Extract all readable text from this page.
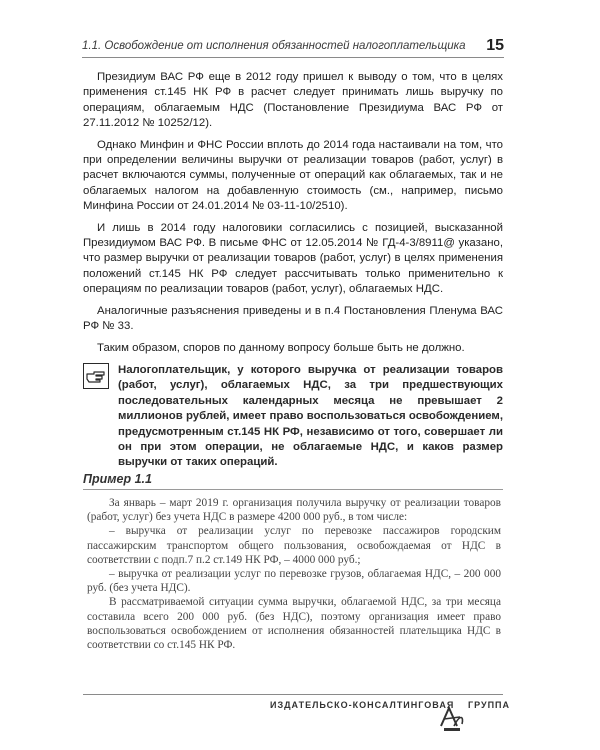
1.1. Освобождение от исполнения обязанностей налогоплательщика 15

Президиум ВАС РФ еще в 2012 году пришел к выводу о том, что в целях применения ст.145 НК РФ в расчет следует принимать лишь выручку по операциям, облагаемым НДС (Постановление Президиума ВАС РФ от 27.11.2012 № 10252/12).

Однако Минфин и ФНС России вплоть до 2014 года настаивали на том, что при определении величины выручки от реализации товаров (работ, услуг) в расчет включаются суммы, полученные от операций как облагаемых, так и не облагаемых налогом на добавленную стоимость (см., например, письмо Минфина России от 24.01.2014 № 03-11-10/2510).

И лишь в 2014 году налоговики согласились с позицией, высказанной Президиумом ВАС РФ. В письме ФНС от 12.05.2014 № ГД-4-3/8911@ указано, что размер выручки от реализации товаров (работ, услуг) в целях применения положений ст.145 НК РФ следует рассчитывать только применительно к операциям по реализации товаров (работ, услуг), облагаемых НДС.

Аналогичные разъяснения приведены и в п.4 Постановления Пленума ВАС РФ № 33.

Таким образом, споров по данному вопросу больше быть не должно.

Налогоплательщик, у которого выручка от реализации товаров (работ, услуг), облагаемых НДС, за три предшествующих последовательных календарных месяца не превышает 2 миллионов рублей, имеет право воспользоваться освобождением, предусмотренным ст.145 НК РФ, независимо от того, совершает ли он при этом операции, не облагаемые НДС, и каков размер выручки от таких операций.
Пример 1.1

За январь – март 2019 г. организация получила выручку от реализации товаров (работ, услуг) без учета НДС в размере 4200 000 руб., в том числе:

– выручка от реализации услуг по перевозке пассажиров городским пассажирским транспортом общего пользования, освобождаемая от НДС в соответствии с подп.7 п.2 ст.149 НК РФ, – 4000 000 руб.;

– выручка от реализации услуг по перевозке грузов, облагаемая НДС, – 200 000 руб. (без учета НДС).

В рассматриваемой ситуации сумма выручки, облагаемой НДС, за три месяца составила всего 200 000 руб. (без НДС), поэтому организация имеет право воспользоваться освобождением от исполнения обязанностей плательщика НДС в соответствии со ст.145 НК РФ.

ИЗДАТЕЛЬСКО-КОНСАЛТИНГОВАЯ ГРУППА
